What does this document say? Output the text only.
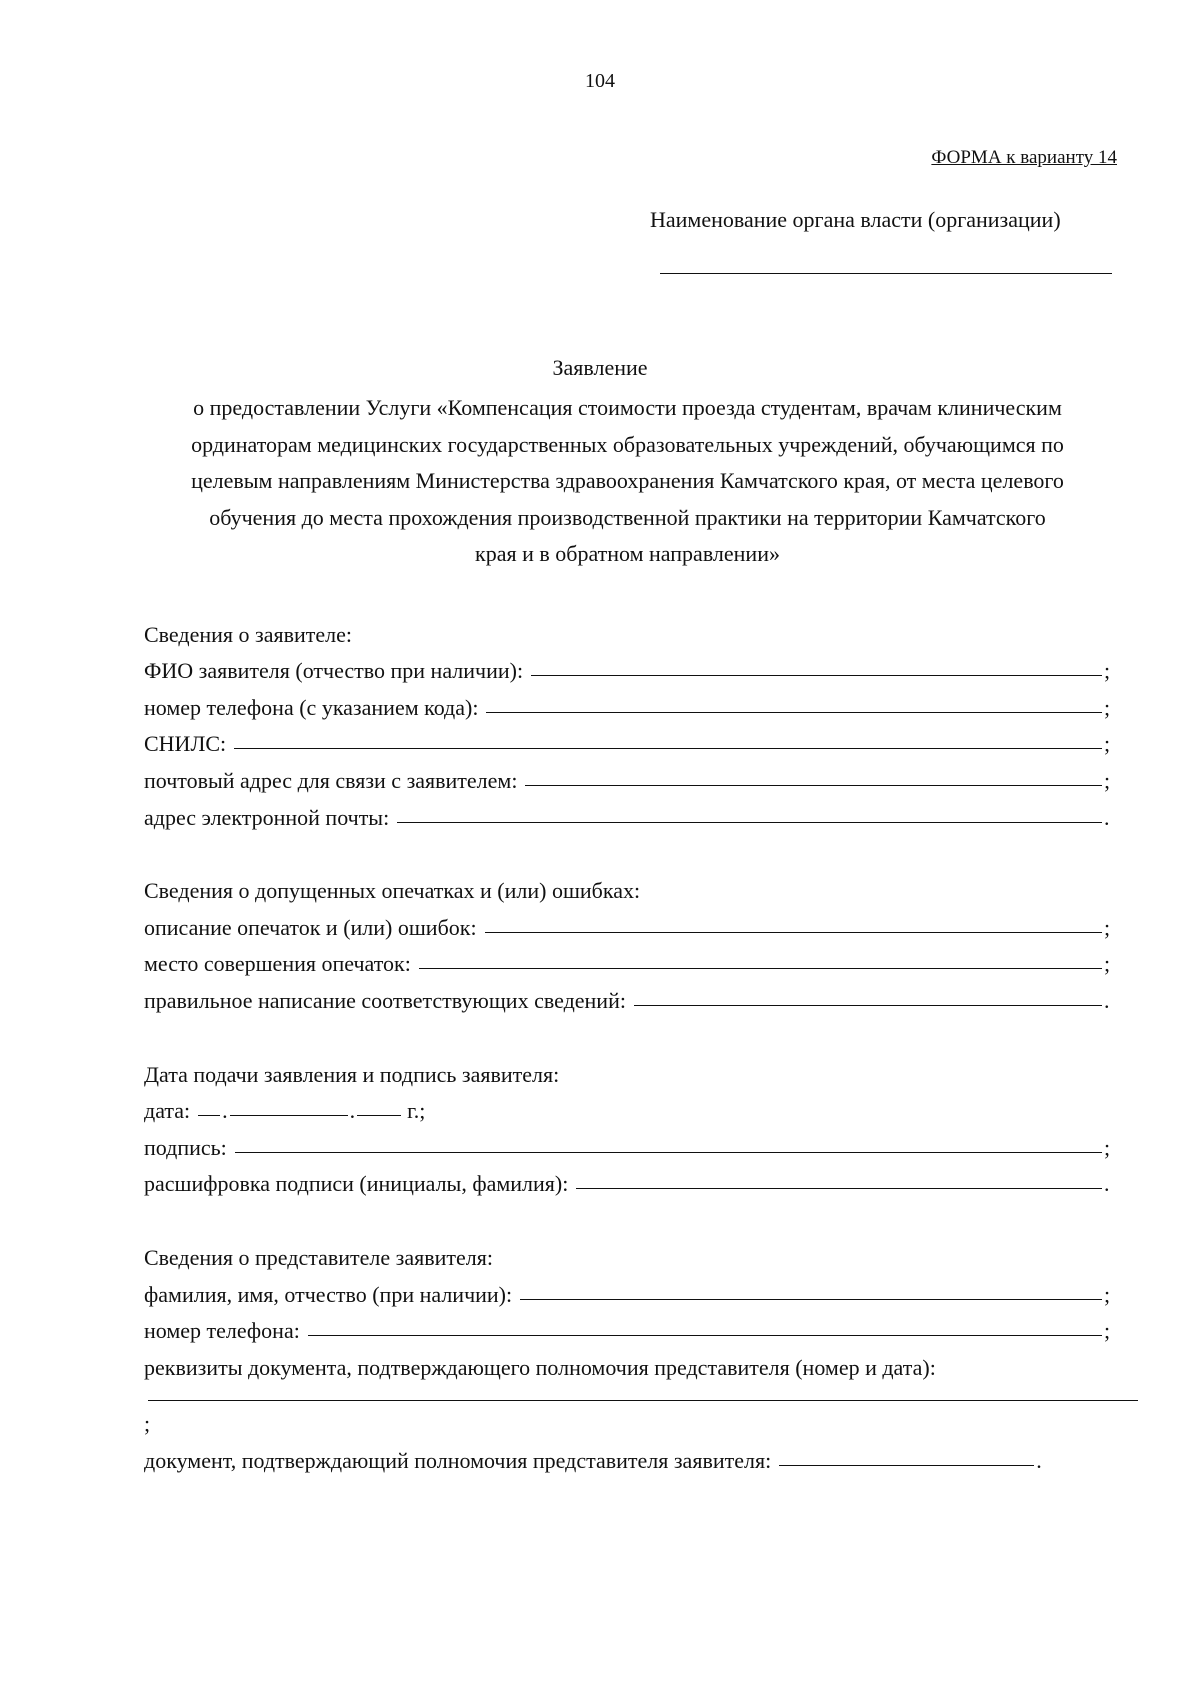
104
ФОРМА к варианту 14
Наименование органа власти (организации)
Заявление
о предоставлении Услуги «Компенсация стоимости проезда студентам, врачам клиническим
ординаторам медицинских государственных образовательных учреждений, обучающимся по
целевым направлениям Министерства здравоохранения Камчатского края, от места целевого
обучения до места прохождения производственной практики на территории Камчатского
края и в обратном направлении»
Сведения о заявителе:
ФИО заявителя (отчество при наличии):	;
номер телефона (с указанием кода):	;
СНИЛС:	;
почтовый адрес для связи с заявителем:	;
адрес электронной почты:	.
Сведения о допущенных опечатках и (или) ошибках:
описание опечаток и (или) ошибок:	;
место совершения опечаток:	;
правильное написание соответствующих сведений:	.
Дата подачи заявления и подпись заявителя:
дата: .	. г.;
подпись:	;
расшифровка подписи (инициалы, фамилия):	.
Сведения о представителе заявителя:
фамилия, имя, отчество (при наличии):	;
номер телефона:	;
реквизиты документа, подтверждающего полномочия представителя (номер и дата):
;
документ, подтверждающий полномочия представителя заявителя:	.
